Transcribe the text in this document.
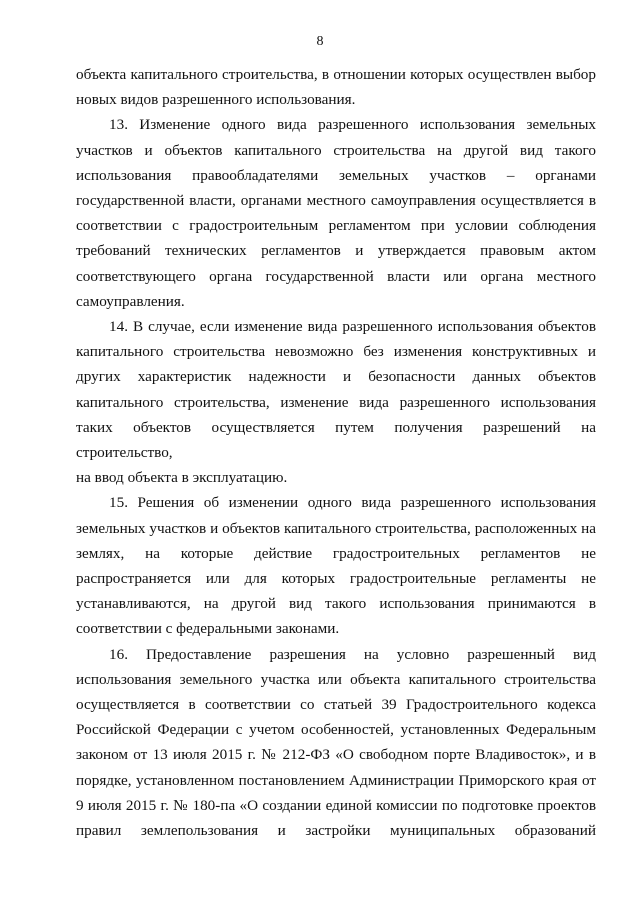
8

объекта капитального строительства, в отношении которых осуществлен выбор

новых видов разрешенного использования.

13. Изменение одного вида разрешенного использования земельных

участков и объектов капитального строительства на другой вид такого

использования правообладателями земельных участков – органами

государственной власти, органами местного самоуправления осуществляется в

соответствии с градостроительным регламентом при условии соблюдения

требований технических регламентов и утверждается правовым актом

соответствующего органа государственной власти или органа местного

самоуправления.

14. В случае, если изменение вида разрешенного использования объектов

капитального строительства невозможно без изменения конструктивных и

других характеристик надежности и безопасности данных объектов

капитального строительства, изменение вида разрешенного использования

таких объектов осуществляется путем получения разрешений на строительство,

на ввод объекта в эксплуатацию.

15. Решения об изменении одного вида разрешенного использования

земельных участков и объектов капитального строительства, расположенных на

землях, на которые действие градостроительных регламентов не

распространяется или для которых градостроительные регламенты не

устанавливаются, на другой вид такого использования принимаются в

соответствии с федеральными законами.

16. Предоставление разрешения на условно разрешенный вид

использования земельного участка или объекта капитального строительства

осуществляется в соответствии со статьей 39 Градостроительного кодекса

Российской Федерации с учетом особенностей, установленных Федеральным

законом от 13 июля 2015 г. № 212-ФЗ «О свободном порте Владивосток», и в

порядке, установленном постановлением Администрации Приморского края от

9 июля 2015 г. № 180-па «О создании единой комиссии по подготовке проектов

правил землепользования и застройки муниципальных образований
